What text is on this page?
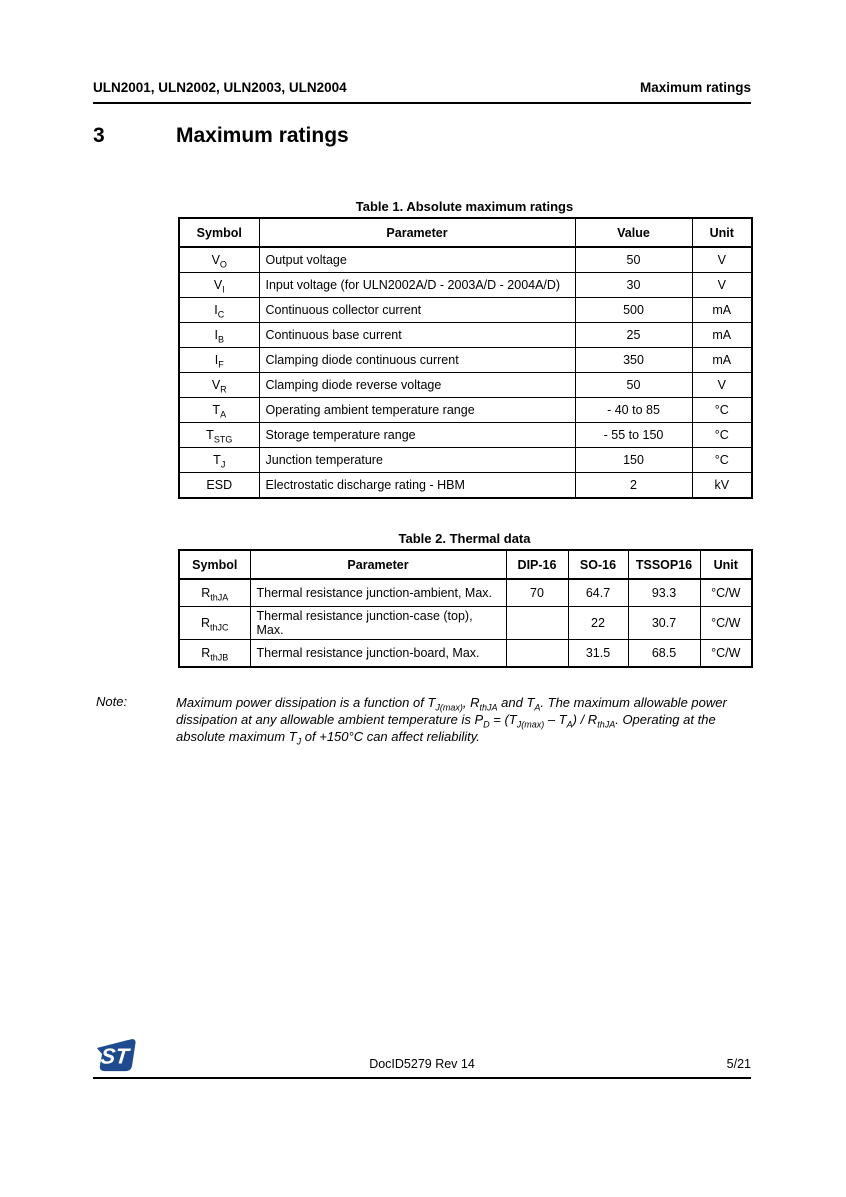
ULN2001, ULN2002, ULN2003, ULN2004	Maximum ratings
3	Maximum ratings
Table 1. Absolute maximum ratings
Symbol	Parameter	Value	Unit
$V_O$	Output voltage	50	V
$V_I$	Input voltage (for ULN2002A/D - 2003A/D - 2004A/D)	30	V
$I_C$	Continuous collector current	500	mA
$I_B$	Continuous base current	25	mA
$I_F$	Clamping diode continuous current	350	mA
$V_R$	Clamping diode reverse voltage	50	V
$T_A$	Operating ambient temperature range	- 40 to 85	°C
$T_{STG}$	Storage temperature range	- 55 to 150	°C
$T_J$	Junction temperature	150	°C
ESD	Electrostatic discharge rating - HBM	2	kV
Table 2. Thermal data
Symbol	Parameter	DIP-16	SO-16	TSSOP16	Unit
$R_{thJA}$	Thermal resistance junction-ambient, Max.	70	64.7	93.3	°C/W
$R_{thJC}$	Thermal resistance junction-case (top), Max.		22	30.7	°C/W
$R_{thJB}$	Thermal resistance junction-board, Max.		31.5	68.5	°C/W
Note:	Maximum power dissipation is a function of $T_{J(max)}$, $R_{thJA}$ and $T_A$. The maximum allowable power dissipation at any allowable ambient temperature is $P_D = (T_{J(max)} - T_A) / R_{thJA}$. Operating at the absolute maximum $T_J$ of +150°C can affect reliability.
ST	DocID5279 Rev 14	5/21
